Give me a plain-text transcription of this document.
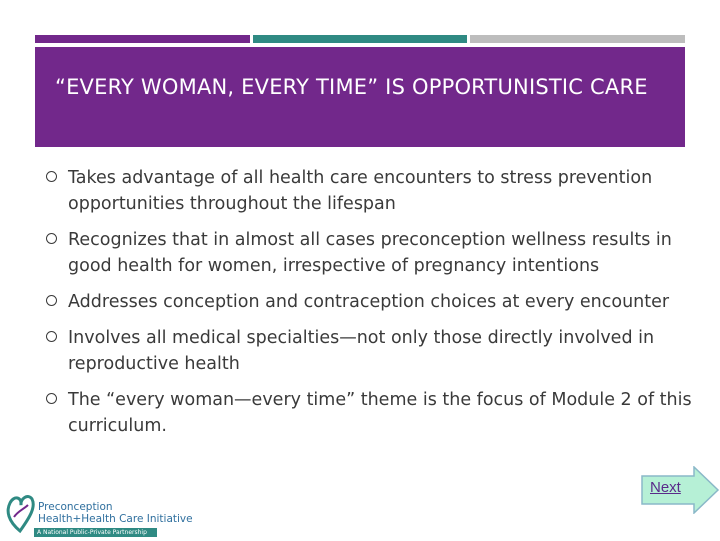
“EVERY WOMAN, EVERY TIME” IS OPPORTUNISTIC CARE
Takes advantage of all health care encounters to stress prevention opportunities throughout the lifespan
Recognizes that in almost all cases preconception wellness results in good health for women, irrespective of pregnancy intentions
Addresses conception and contraception choices at every encounter
Involves all medical specialties—not only those directly involved in reproductive health
The “every woman—every time” theme is the focus of Module 2 of this curriculum.
Preconception
Health+Health Care Initiative
A National Public-Private Partnership
Next
